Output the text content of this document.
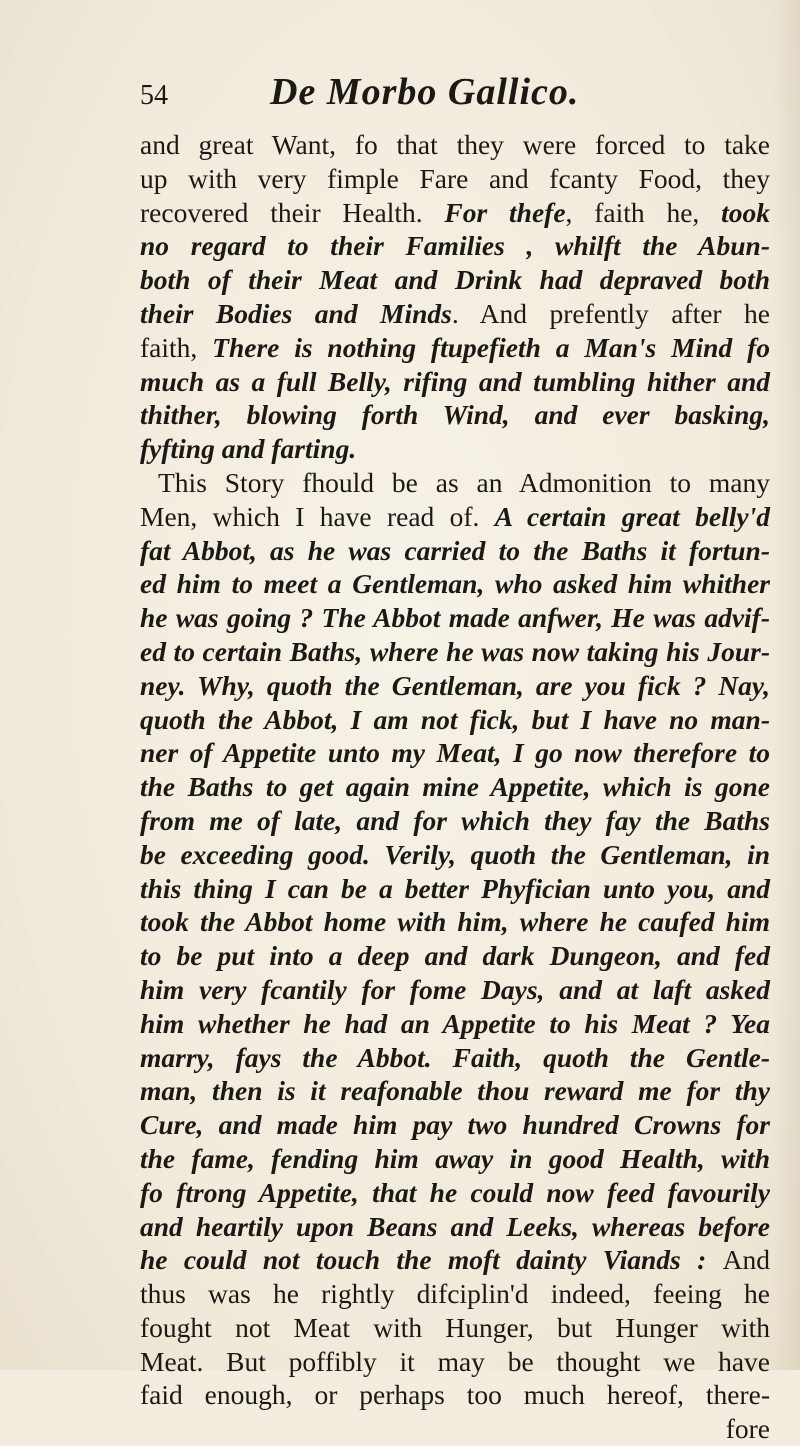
54	De Morbo Gallico.
and great Want, fo that they were forced to take
up with very fimple Fare and fcanty Food, they
recovered their Health. For thefe, faith he, took
no regard to their Families , whilft the Abun-
both of their Meat and Drink had depraved both
their Bodies and Minds. And prefently after he
faith, There is nothing ftupefieth a Man's Mind fo
much as a full Belly, rifing and tumbling hither and
thither, blowing forth Wind, and ever basking,
fyfting and farting.
This Story fhould be as an Admonition to many
Men, which I have read of. A certain great belly'd
fat Abbot, as he was carried to the Baths it fortun-
ed him to meet a Gentleman, who asked him whither
he was going ? The Abbot made anfwer, He was advif-
ed to certain Baths, where he was now taking his Jour-
ney. Why, quoth the Gentleman, are you fick ? Nay,
quoth the Abbot, I am not fick, but I have no man-
ner of Appetite unto my Meat, I go now therefore to
the Baths to get again mine Appetite, which is gone
from me of late, and for which they fay the Baths
be exceeding good. Verily, quoth the Gentleman, in
this thing I can be a better Phyfician unto you, and
took the Abbot home with him, where he caufed him
to be put into a deep and dark Dungeon, and fed
him very fcantily for fome Days, and at laft asked
him whether he had an Appetite to his Meat ? Yea
marry, fays the Abbot. Faith, quoth the Gentle-
man, then is it reafonable thou reward me for thy
Cure, and made him pay two hundred Crowns for
the fame, fending him away in good Health, with
fo ftrong Appetite, that he could now feed favourily
and heartily upon Beans and Leeks, whereas before
he could not touch the moft dainty Viands : And
thus was he rightly difciplin'd indeed, feeing he
fought not Meat with Hunger, but Hunger with
Meat. But poffibly it may be thought we have
faid enough, or perhaps too much hereof, there-
fore
